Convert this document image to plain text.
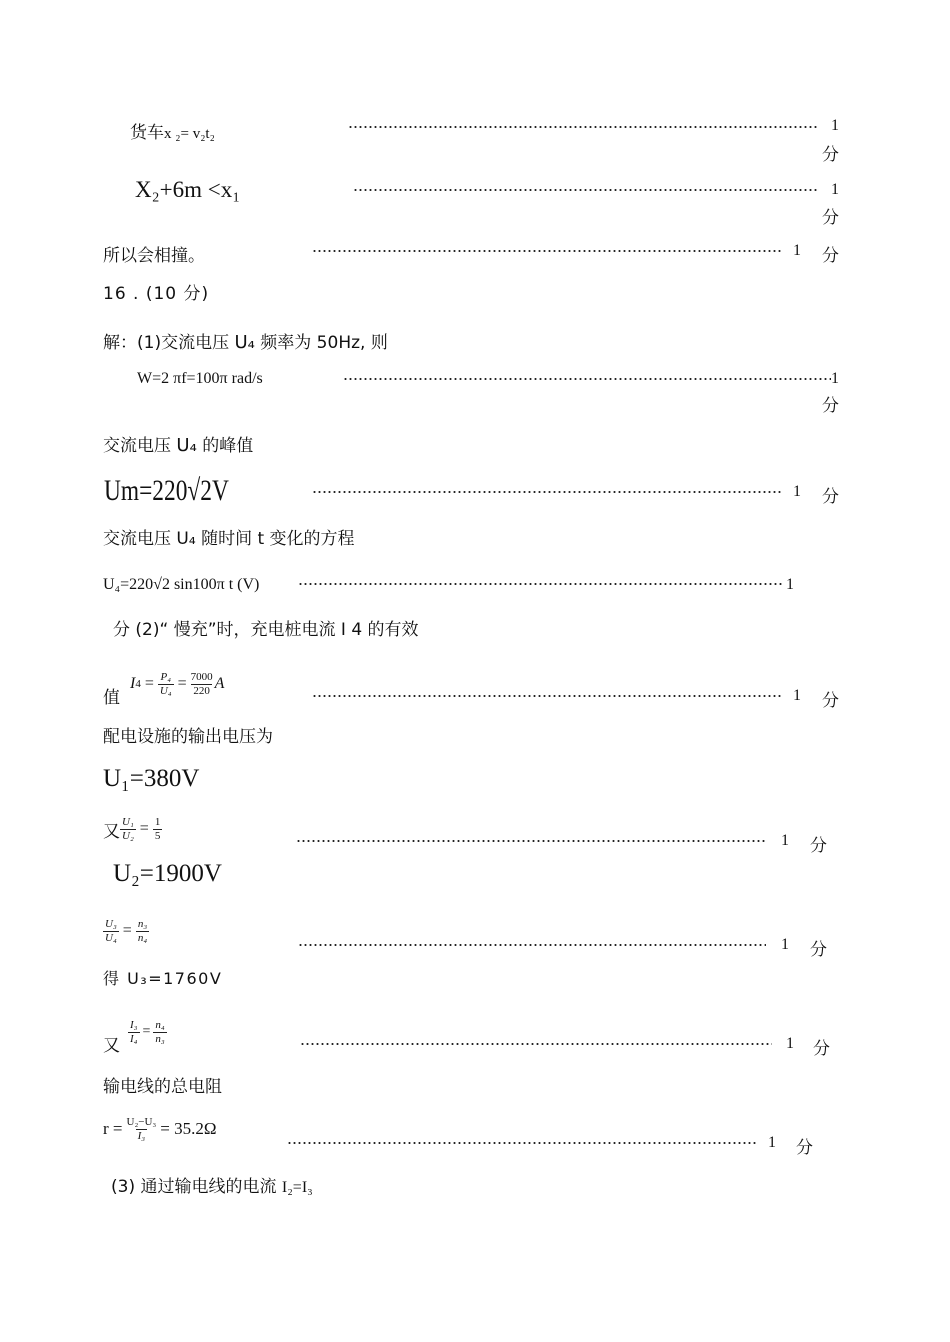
货车x ₂= v₂t₂	1
分
X₂+6m <x₁	1
分
所以会相撞。	1 分
16 . (10 分)
解：(1)交流电压 U₄ 频率为 50Hz, 则
W=2 πf=100π rad/s	1
分
交流电压 U₄ 的峰值
Um=220√2V	1 分
交流电压 U₄ 随时间 t 变化的方程
U₄=220√2 sin100π t (V)	1
分 (2)“ 慢充”时，充电桩电流 I 4 的有效
值
I $4 = \frac{\text{P₄}}{\text{U₄}} = \frac{7000}{220}$ A
1 分
配电设施的输出电压为
U₁=380V
又 $\frac{\text{U₁}}{\text{U₂}} = \frac{1}{5}$	1 分
U₂=1900V
$\frac{\text{U₃}}{\text{U₄}} = \frac{\text{n₃}}{\text{n₄}}$	1 分
得 U₃=1760V
又 $\frac{\text{I₃}}{\text{I₄}} = \frac{\text{n₄}}{\text{n₃}}$	1 分
输电线的总电阻
$r = \frac{\text{U₂−U₃}}{\text{I₃}} = 35.2\Omega$
1 分
(3) 通过输电线的电流 I₂=I₃
